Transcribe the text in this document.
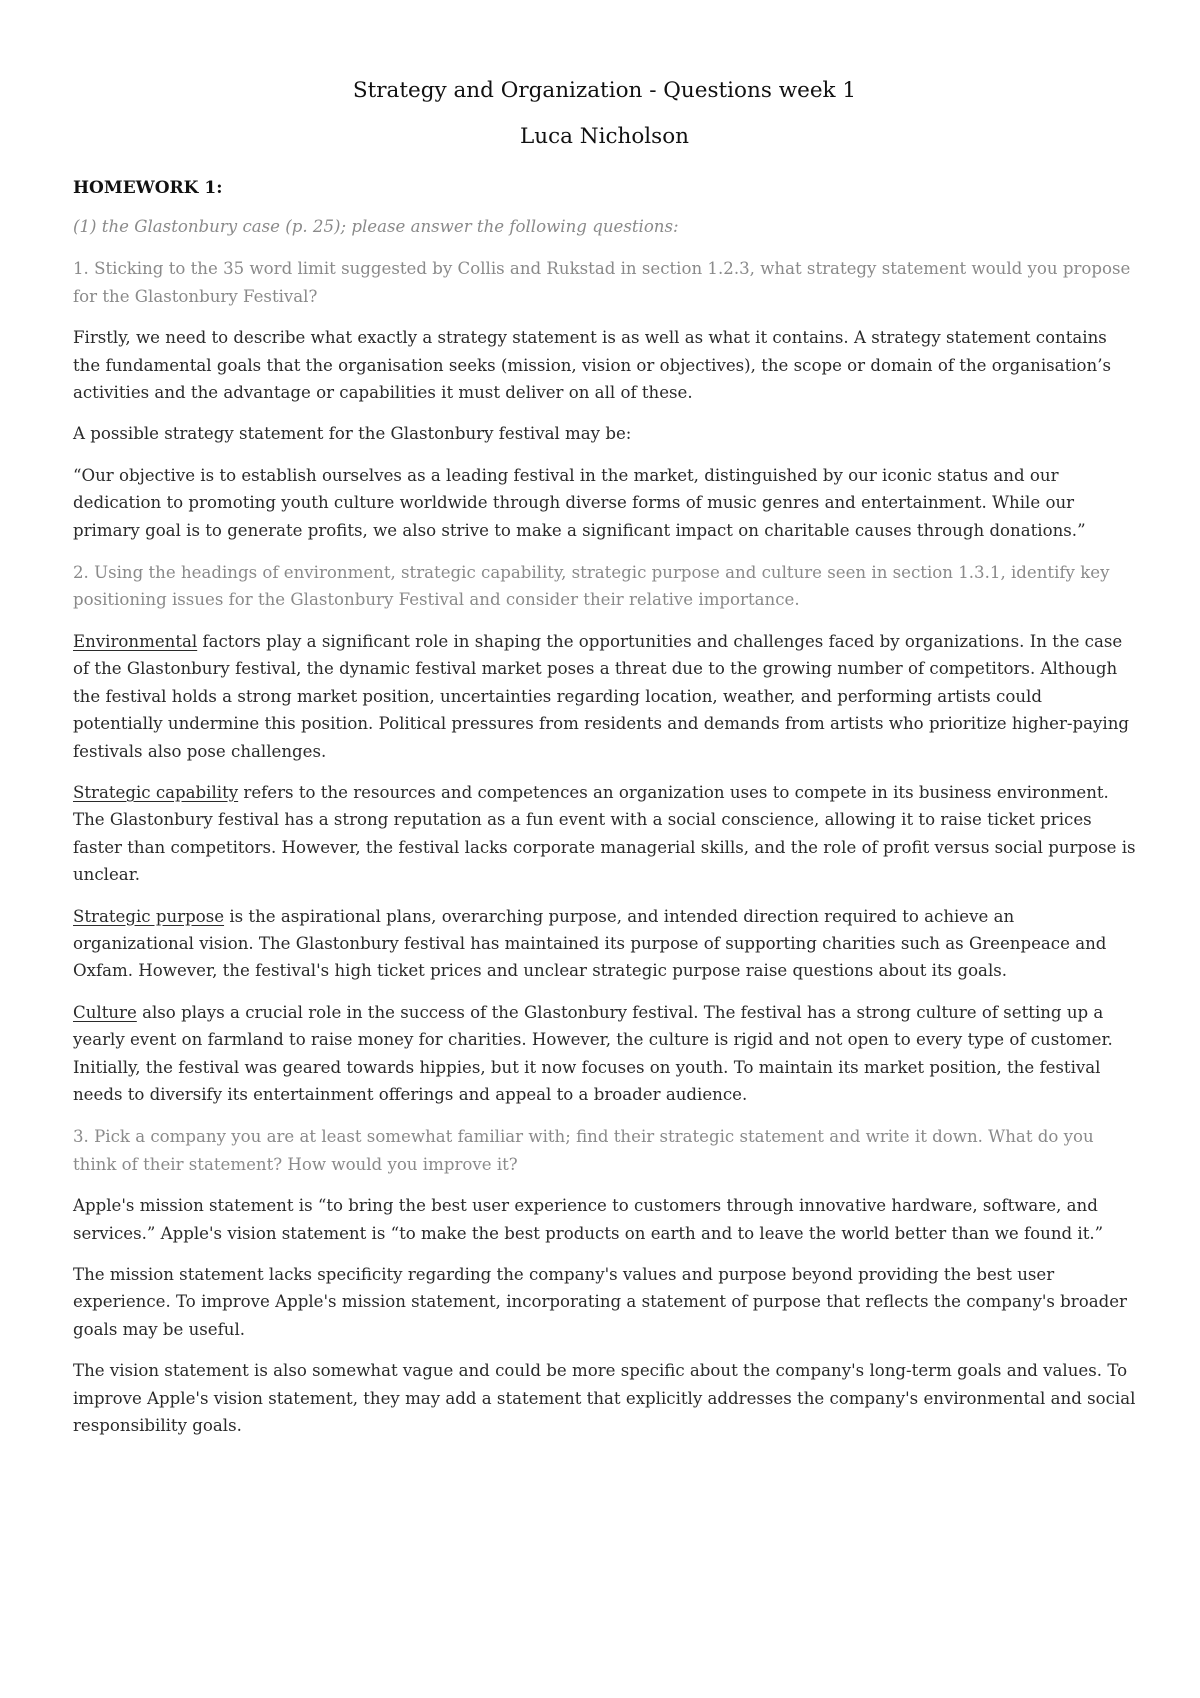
Strategy and Organization - Questions week 1
Luca Nicholson
HOMEWORK 1:

(1) the Glastonbury case (p. 25); please answer the following questions:

1. Sticking to the 35 word limit suggested by Collis and Rukstad in section 1.2.3, what strategy statement would you propose for the Glastonbury Festival?

Firstly, we need to describe what exactly a strategy statement is as well as what it contains. A strategy statement contains the fundamental goals that the organisation seeks (mission, vision or objectives), the scope or domain of the organisation’s activities and the advantage or capabilities it must deliver on all of these.

A possible strategy statement for the Glastonbury festival may be:

“Our objective is to establish ourselves as a leading festival in the market, distinguished by our iconic status and our dedication to promoting youth culture worldwide through diverse forms of music genres and entertainment. While our primary goal is to generate profits, we also strive to make a significant impact on charitable causes through donations.”

2. Using the headings of environment, strategic capability, strategic purpose and culture seen in section 1.3.1, identify key positioning issues for the Glastonbury Festival and consider their relative importance.

Environmental factors play a significant role in shaping the opportunities and challenges faced by organizations. In the case of the Glastonbury festival, the dynamic festival market poses a threat due to the growing number of competitors. Although the festival holds a strong market position, uncertainties regarding location, weather, and performing artists could potentially undermine this position. Political pressures from residents and demands from artists who prioritize higher-paying festivals also pose challenges.

Strategic capability refers to the resources and competences an organization uses to compete in its business environment. The Glastonbury festival has a strong reputation as a fun event with a social conscience, allowing it to raise ticket prices faster than competitors. However, the festival lacks corporate managerial skills, and the role of profit versus social purpose is unclear.

Strategic purpose is the aspirational plans, overarching purpose, and intended direction required to achieve an organizational vision. The Glastonbury festival has maintained its purpose of supporting charities such as Greenpeace and Oxfam. However, the festival's high ticket prices and unclear strategic purpose raise questions about its goals.

Culture also plays a crucial role in the success of the Glastonbury festival. The festival has a strong culture of setting up a yearly event on farmland to raise money for charities. However, the culture is rigid and not open to every type of customer. Initially, the festival was geared towards hippies, but it now focuses on youth. To maintain its market position, the festival needs to diversify its entertainment offerings and appeal to a broader audience.

3. Pick a company you are at least somewhat familiar with; find their strategic statement and write it down. What do you think of their statement? How would you improve it?

Apple's mission statement is “to bring the best user experience to customers through innovative hardware, software, and services.” Apple's vision statement is “to make the best products on earth and to leave the world better than we found it.”

The mission statement lacks specificity regarding the company's values and purpose beyond providing the best user experience. To improve Apple's mission statement, incorporating a statement of purpose that reflects the company's broader goals may be useful.

The vision statement is also somewhat vague and could be more specific about the company's long-term goals and values. To improve Apple's vision statement, they may add a statement that explicitly addresses the company's environmental and social responsibility goals.
